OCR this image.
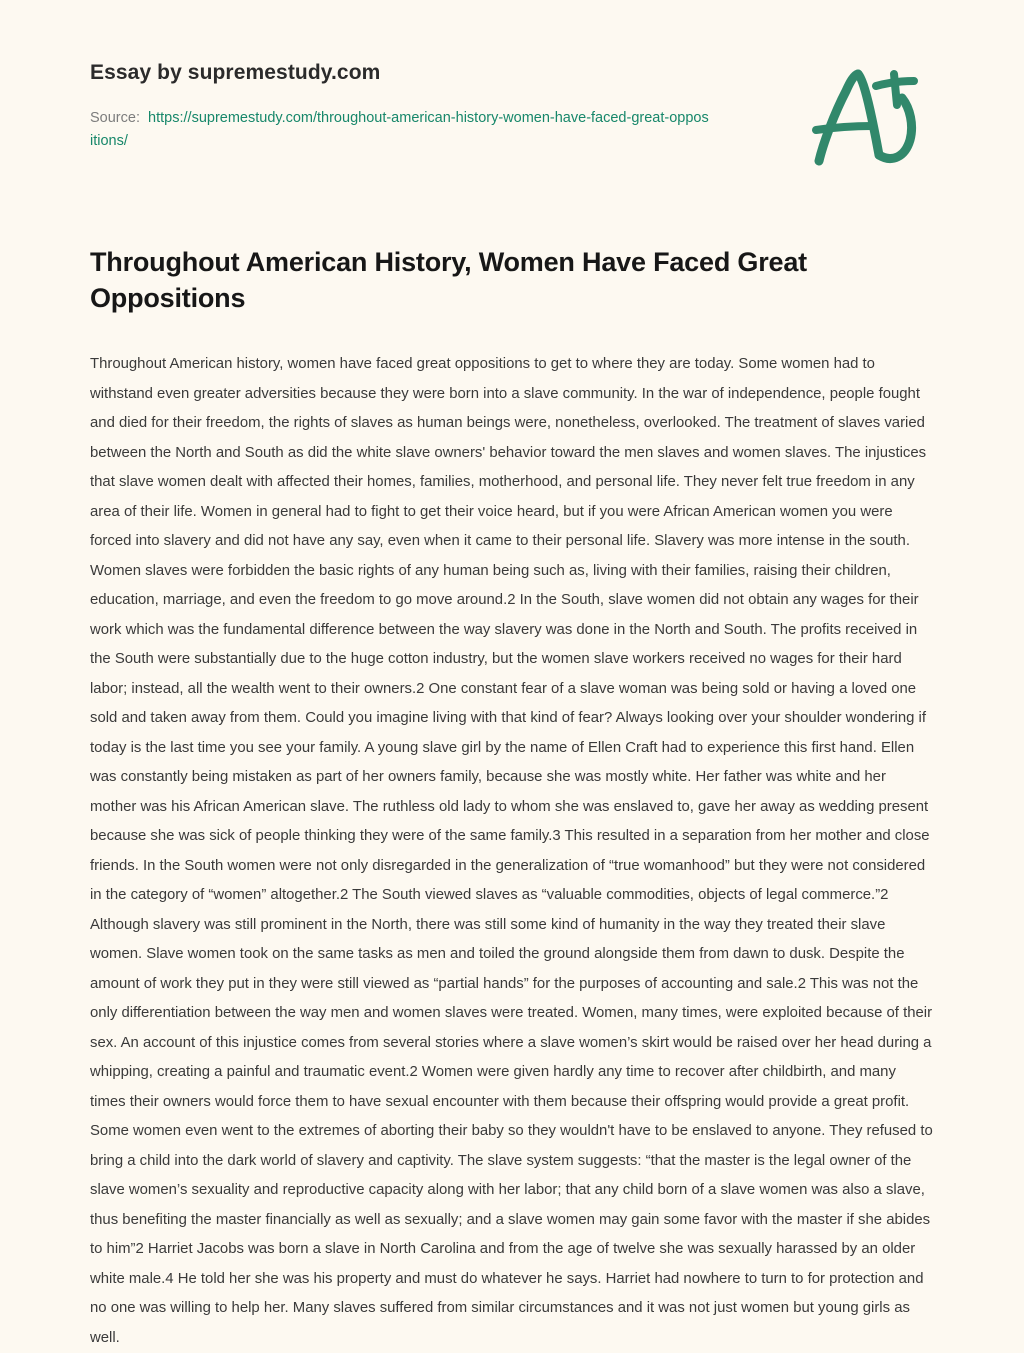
Essay by supremestudy.com
Source: https://supremestudy.com/throughout-american-history-women-have-faced-great-oppositions/
Throughout American History, Women Have Faced Great Oppositions

Throughout American history, women have faced great oppositions to get to where they are today. Some women had to withstand even greater adversities because they were born into a slave community. In the war of independence, people fought and died for their freedom, the rights of slaves as human beings were, nonetheless, overlooked. The treatment of slaves varied between the North and South as did the white slave owners' behavior toward the men slaves and women slaves. The injustices that slave women dealt with affected their homes, families, motherhood, and personal life. They never felt true freedom in any area of their life. Women in general had to fight to get their voice heard, but if you were African American women you were forced into slavery and did not have any say, even when it came to their personal life. Slavery was more intense in the south. Women slaves were forbidden the basic rights of any human being such as, living with their families, raising their children, education, marriage, and even the freedom to go move around.2 In the South, slave women did not obtain any wages for their work which was the fundamental difference between the way slavery was done in the North and South. The profits received in the South were substantially due to the huge cotton industry, but the women slave workers received no wages for their hard labor; instead, all the wealth went to their owners.2 One constant fear of a slave woman was being sold or having a loved one sold and taken away from them. Could you imagine living with that kind of fear? Always looking over your shoulder wondering if today is the last time you see your family. A young slave girl by the name of Ellen Craft had to experience this first hand. Ellen was constantly being mistaken as part of her owners family, because she was mostly white. Her father was white and her mother was his African American slave. The ruthless old lady to whom she was enslaved to, gave her away as wedding present because she was sick of people thinking they were of the same family.3 This resulted in a separation from her mother and close friends. In the South women were not only disregarded in the generalization of “true womanhood” but they were not considered in the category of “women” altogether.2 The South viewed slaves as “valuable commodities, objects of legal commerce.”2 Although slavery was still prominent in the North, there was still some kind of humanity in the way they treated their slave women. Slave women took on the same tasks as men and toiled the ground alongside them from dawn to dusk. Despite the amount of work they put in they were still viewed as “partial hands” for the purposes of accounting and sale.2 This was not the only differentiation between the way men and women slaves were treated. Women, many times, were exploited because of their sex. An account of this injustice comes from several stories where a slave women’s skirt would be raised over her head during a whipping, creating a painful and traumatic event.2 Women were given hardly any time to recover after childbirth, and many times their owners would force them to have sexual encounter with them because their offspring would provide a great profit. Some women even went to the extremes of aborting their baby so they wouldn't have to be enslaved to anyone. They refused to bring a child into the dark world of slavery and captivity. The slave system suggests: “that the master is the legal owner of the slave women’s sexuality and reproductive capacity along with her labor; that any child born of a slave women was also a slave, thus benefiting the master financially as well as sexually; and a slave women may gain some favor with the master if she abides to him”2 Harriet Jacobs was born a slave in North Carolina and from the age of twelve she was sexually harassed by an older white male.4 He told her she was his property and must do whatever he says. Harriet had nowhere to turn to for protection and no one was willing to help her. Many slaves suffered from similar circumstances and it was not just women but young girls as well.
